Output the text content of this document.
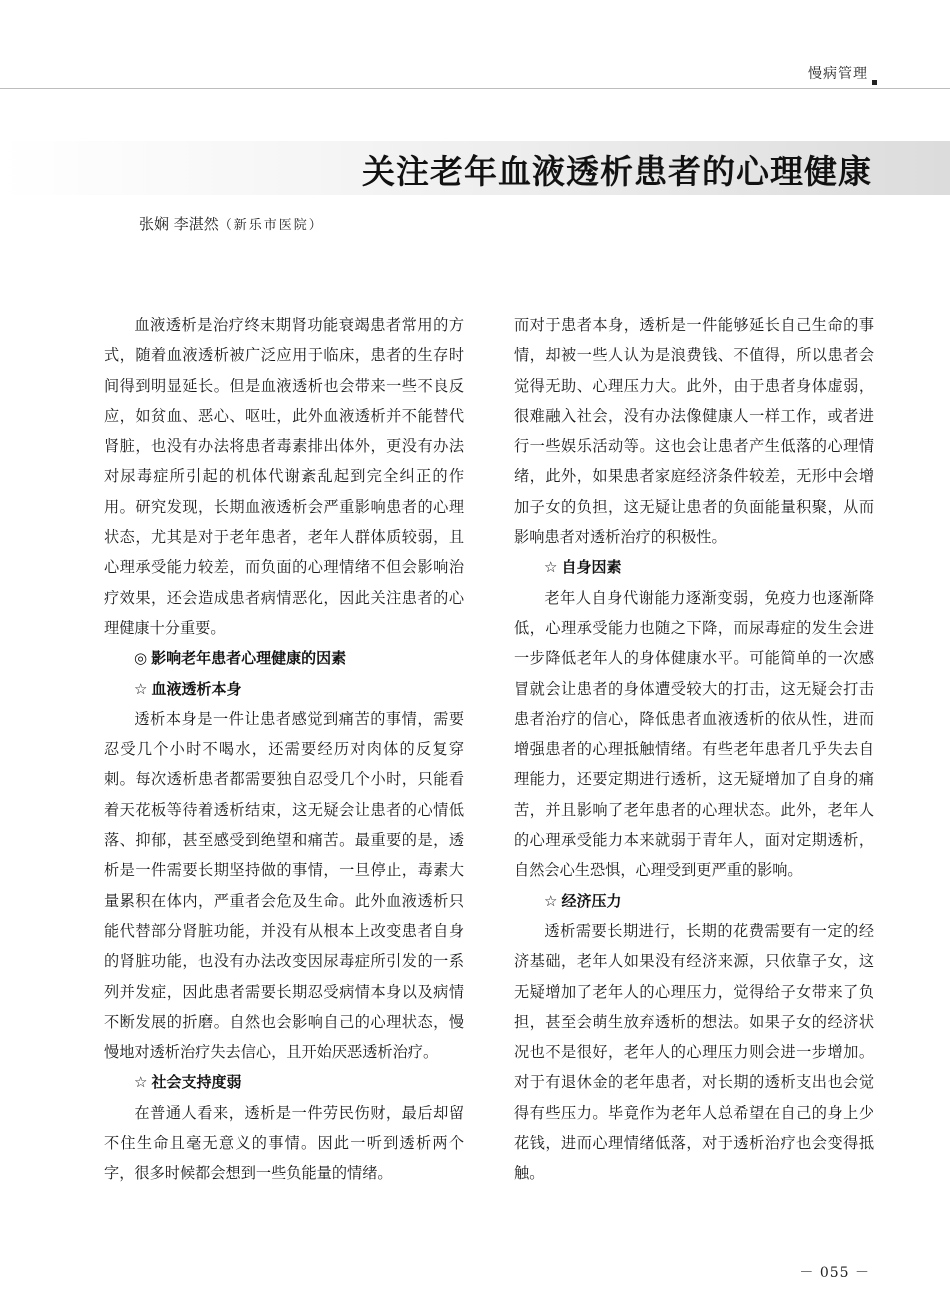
慢病管理
关注老年血液透析患者的心理健康
张娴 李湛然（新乐市医院）

血液透析是治疗终末期肾功能衰竭患者常用的方式，随着血液透析被广泛应用于临床，患者的生存时间得到明显延长。但是血液透析也会带来一些不良反应，如贫血、恶心、呕吐，此外血液透析并不能替代肾脏，也没有办法将患者毒素排出体外，更没有办法对尿毒症所引起的机体代谢紊乱起到完全纠正的作用。研究发现，长期血液透析会严重影响患者的心理状态，尤其是对于老年患者，老年人群体质较弱，且心理承受能力较差，而负面的心理情绪不但会影响治疗效果，还会造成患者病情恶化，因此关注患者的心理健康十分重要。

◎ 影响老年患者心理健康的因素
☆ 血液透析本身

透析本身是一件让患者感觉到痛苦的事情，需要忍受几个小时不喝水，还需要经历对肉体的反复穿刺。每次透析患者都需要独自忍受几个小时，只能看着天花板等待着透析结束，这无疑会让患者的心情低落、抑郁，甚至感受到绝望和痛苦。最重要的是，透析是一件需要长期坚持做的事情，一旦停止，毒素大量累积在体内，严重者会危及生命。此外血液透析只能代替部分肾脏功能，并没有从根本上改变患者自身的肾脏功能，也没有办法改变因尿毒症所引发的一系列并发症，因此患者需要长期忍受病情本身以及病情不断发展的折磨。自然也会影响自己的心理状态，慢慢地对透析治疗失去信心，且开始厌恶透析治疗。

☆ 社会支持度弱

在普通人看来，透析是一件劳民伤财，最后却留不住生命且毫无意义的事情。因此一听到透析两个字，很多时候都会想到一些负能量的情绪。

而对于患者本身，透析是一件能够延长自己生命的事情，却被一些人认为是浪费钱、不值得，所以患者会觉得无助、心理压力大。此外，由于患者身体虚弱，很难融入社会，没有办法像健康人一样工作，或者进行一些娱乐活动等。这也会让患者产生低落的心理情绪，此外，如果患者家庭经济条件较差，无形中会增加子女的负担，这无疑让患者的负面能量积聚，从而影响患者对透析治疗的积极性。

☆ 自身因素

老年人自身代谢能力逐渐变弱，免疫力也逐渐降低，心理承受能力也随之下降，而尿毒症的发生会进一步降低老年人的身体健康水平。可能简单的一次感冒就会让患者的身体遭受较大的打击，这无疑会打击患者治疗的信心，降低患者血液透析的依从性，进而增强患者的心理抵触情绪。有些老年患者几乎失去自理能力，还要定期进行透析，这无疑增加了自身的痛苦，并且影响了老年患者的心理状态。此外，老年人的心理承受能力本来就弱于青年人，面对定期透析，自然会心生恐惧，心理受到更严重的影响。

☆ 经济压力

透析需要长期进行，长期的花费需要有一定的经济基础，老年人如果没有经济来源，只依靠子女，这无疑增加了老年人的心理压力，觉得给子女带来了负担，甚至会萌生放弃透析的想法。如果子女的经济状况也不是很好，老年人的心理压力则会进一步增加。对于有退休金的老年患者，对长期的透析支出也会觉得有些压力。毕竟作为老年人总希望在自己的身上少花钱，进而心理情绪低落，对于透析治疗也会变得抵触。

－ 055 －
